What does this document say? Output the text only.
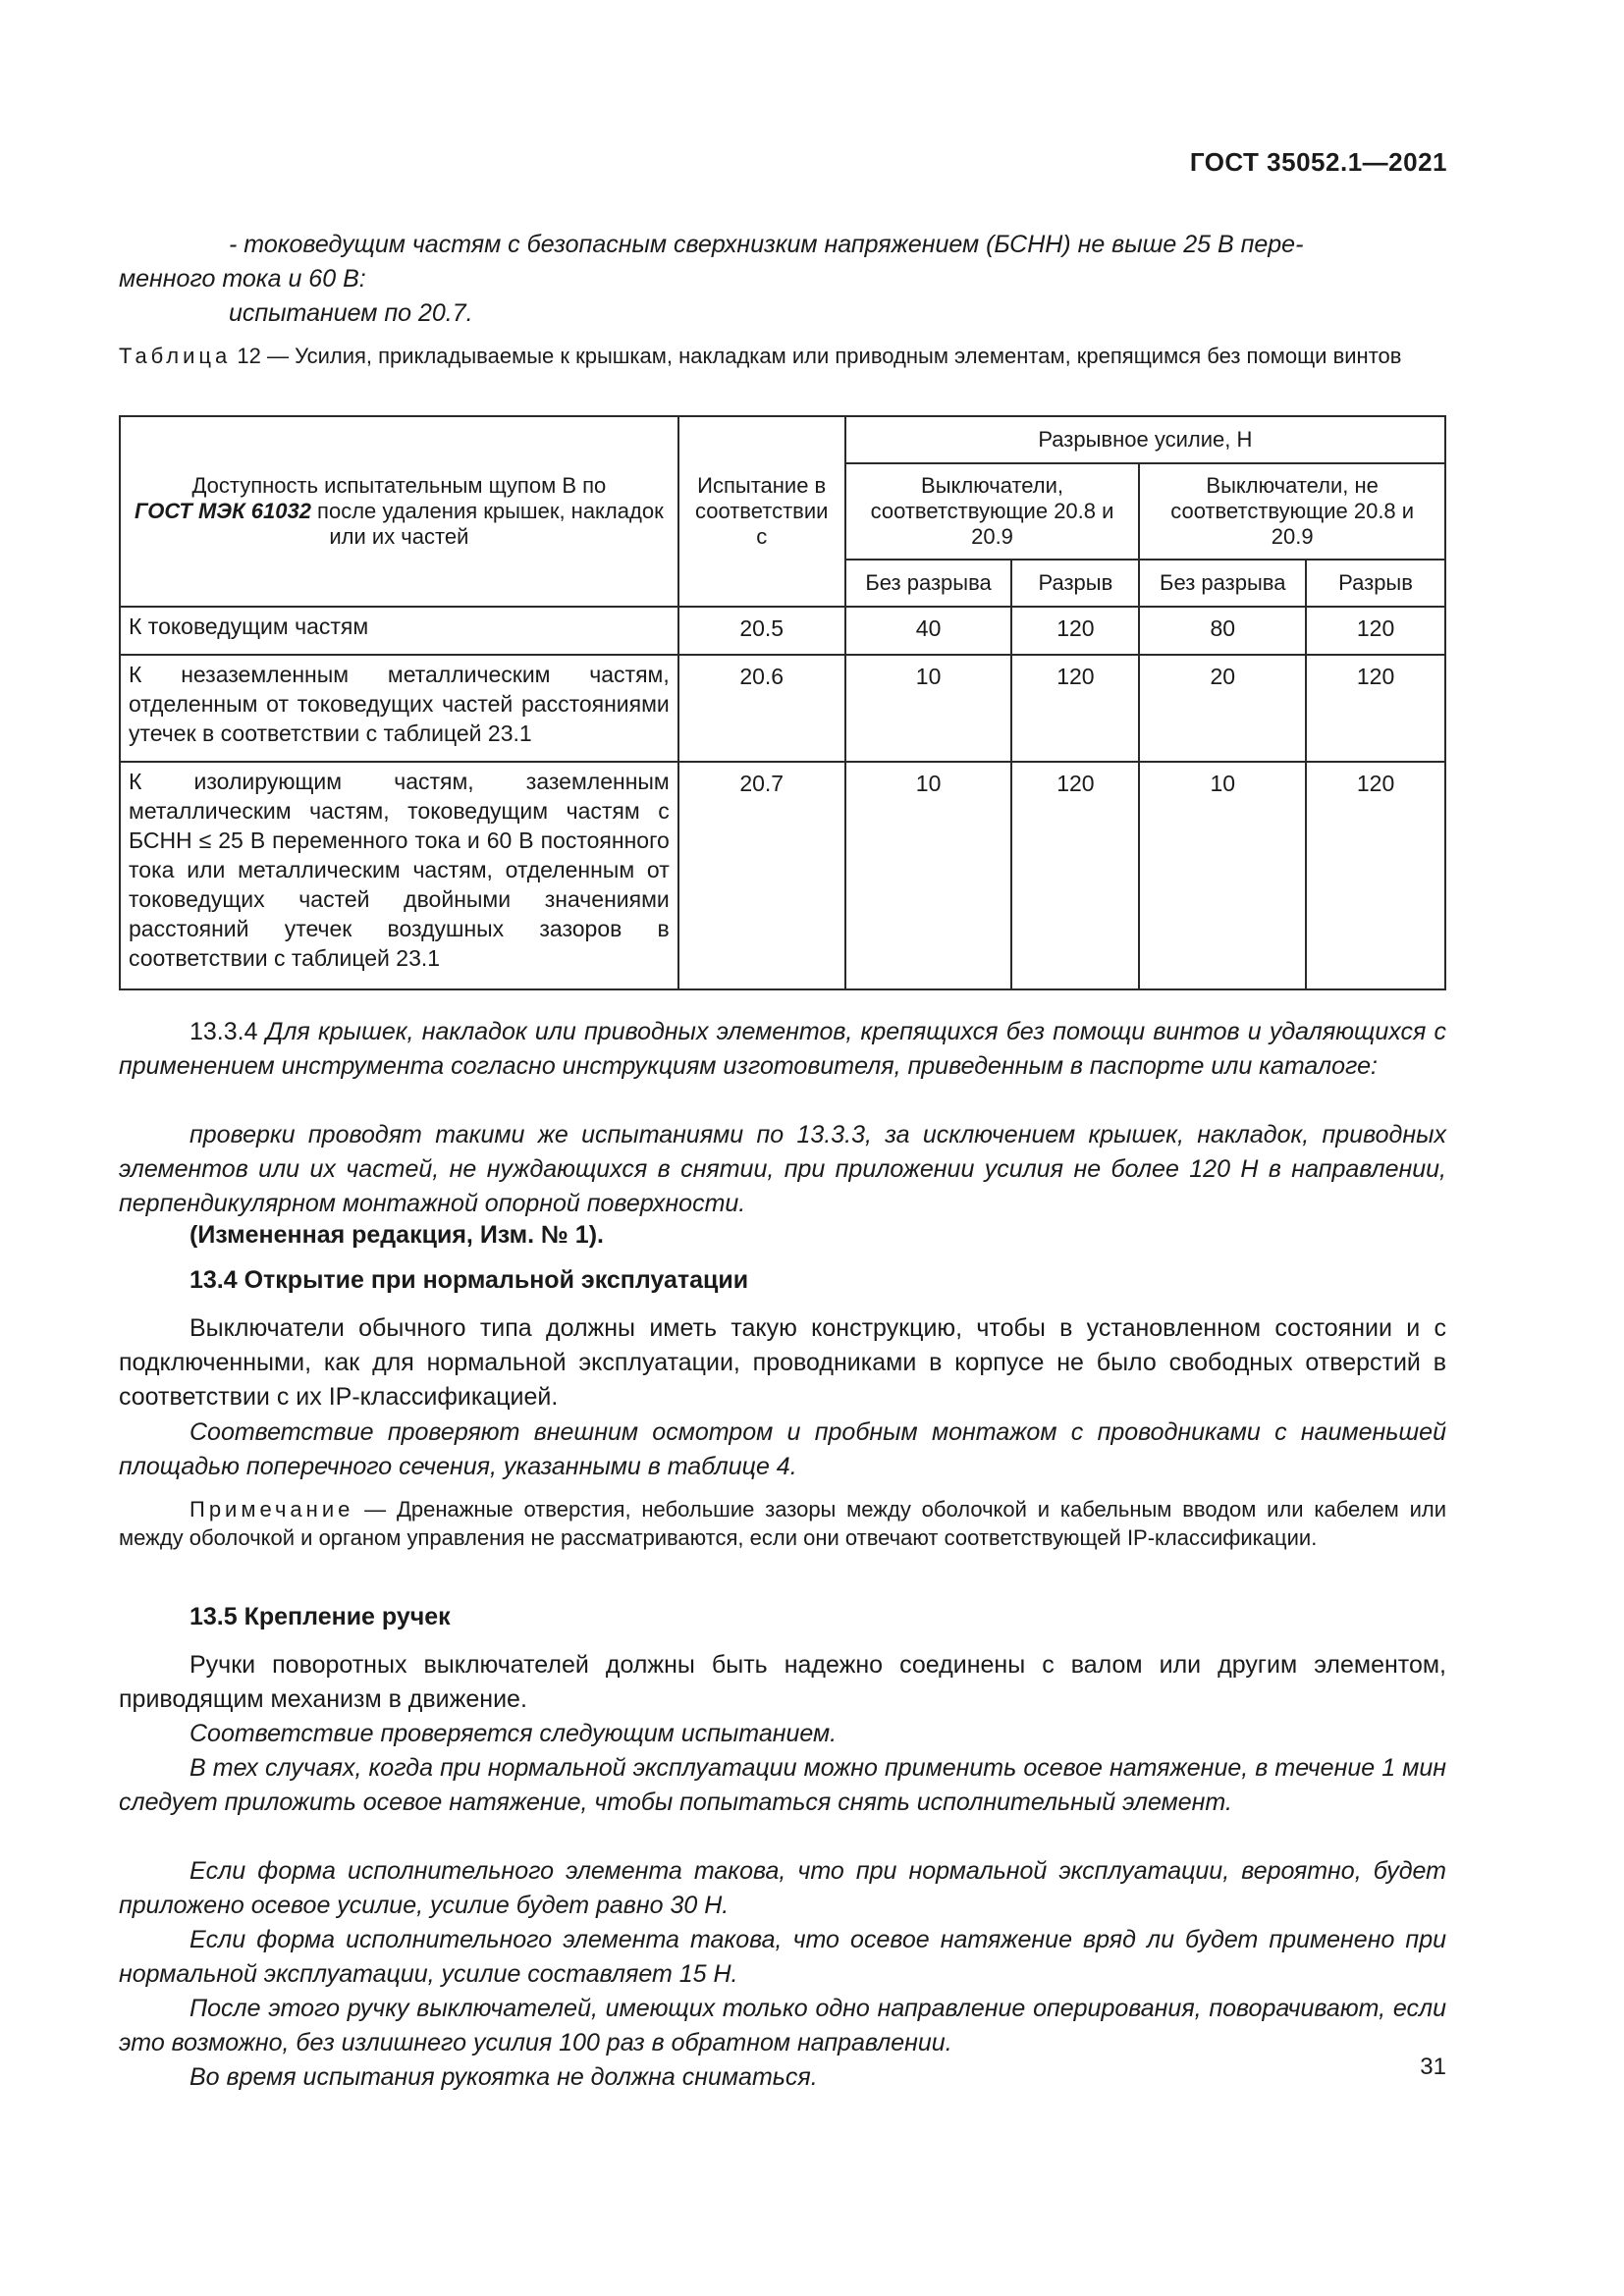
ГОСТ 35052.1—2021
- токоведущим частям с безопасным сверхнизким напряжением (БСНН) не выше 25 В пере-
менного тока и 60 В:
испытанием по 20.7.
Таблица 12 — Усилия, прикладываемые к крышкам, накладкам или приводным элементам, крепящимся без помощи винтов
Доступность испытательным щупом В по
ГОСТ МЭК 61032 после удаления крышек, накладок или их частей	Испытание в соответствии с	Разрывное усилие, Н			
		Выключатели, соответствующие 20.8 и 20.9		Выключатели, не соответствующие 20.8 и 20.9	
		Без разрыва	Разрыв	Без разрыва	Разрыв
К токоведущим частям	20.5	40	120	80	120
К незаземленным металлическим частям, отделенным от токоведущих частей расстояниями утечек в соответствии с таблицей 23.1	20.6	10	120	20	120
К изолирующим частям, заземленным металлическим частям, токоведущим частям с БСНН ≤ 25 В переменного тока и 60 В постоянного тока или металлическим частям, отделенным от токоведущих частей двойными значениями расстояний утечек воздушных зазоров в соответствии с таблицей 23.1	20.7	10	120	10	120
13.3.4 Для крышек, накладок или приводных элементов, крепящихся без помощи винтов и удаляющихся с применением инструмента согласно инструкциям изготовителя, приведенным в паспорте или каталоге:
проверки проводят такими же испытаниями по 13.3.3, за исключением крышек, накладок, приводных элементов или их частей, не нуждающихся в снятии, при приложении усилия не более 120 Н в направлении, перпендикулярном монтажной опорной поверхности.
(Измененная редакция, Изм. № 1).
13.4 Открытие при нормальной эксплуатации
Выключатели обычного типа должны иметь такую конструкцию, чтобы в установленном состоянии и с подключенными, как для нормальной эксплуатации, проводниками в корпусе не было свободных отверстий в соответствии с их IP-классификацией.
Соответствие проверяют внешним осмотром и пробным монтажом с проводниками с наименьшей площадью поперечного сечения, указанными в таблице 4.
Примечание — Дренажные отверстия, небольшие зазоры между оболочкой и кабельным вводом или кабелем или между оболочкой и органом управления не рассматриваются, если они отвечают соответствующей IP-классификации.
13.5 Крепление ручек
Ручки поворотных выключателей должны быть надежно соединены с валом или другим элементом, приводящим механизм в движение.
Соответствие проверяется следующим испытанием.
В тех случаях, когда при нормальной эксплуатации можно применить осевое натяжение, в течение 1 мин следует приложить осевое натяжение, чтобы попытаться снять исполнительный элемент.
Если форма исполнительного элемента такова, что при нормальной эксплуатации, вероятно, будет приложено осевое усилие, усилие будет равно 30 Н.
Если форма исполнительного элемента такова, что осевое натяжение вряд ли будет применено при нормальной эксплуатации, усилие составляет 15 Н.
После этого ручку выключателей, имеющих только одно направление оперирования, поворачивают, если это возможно, без излишнего усилия 100 раз в обратном направлении.
Во время испытания рукоятка не должна сниматься.	31
